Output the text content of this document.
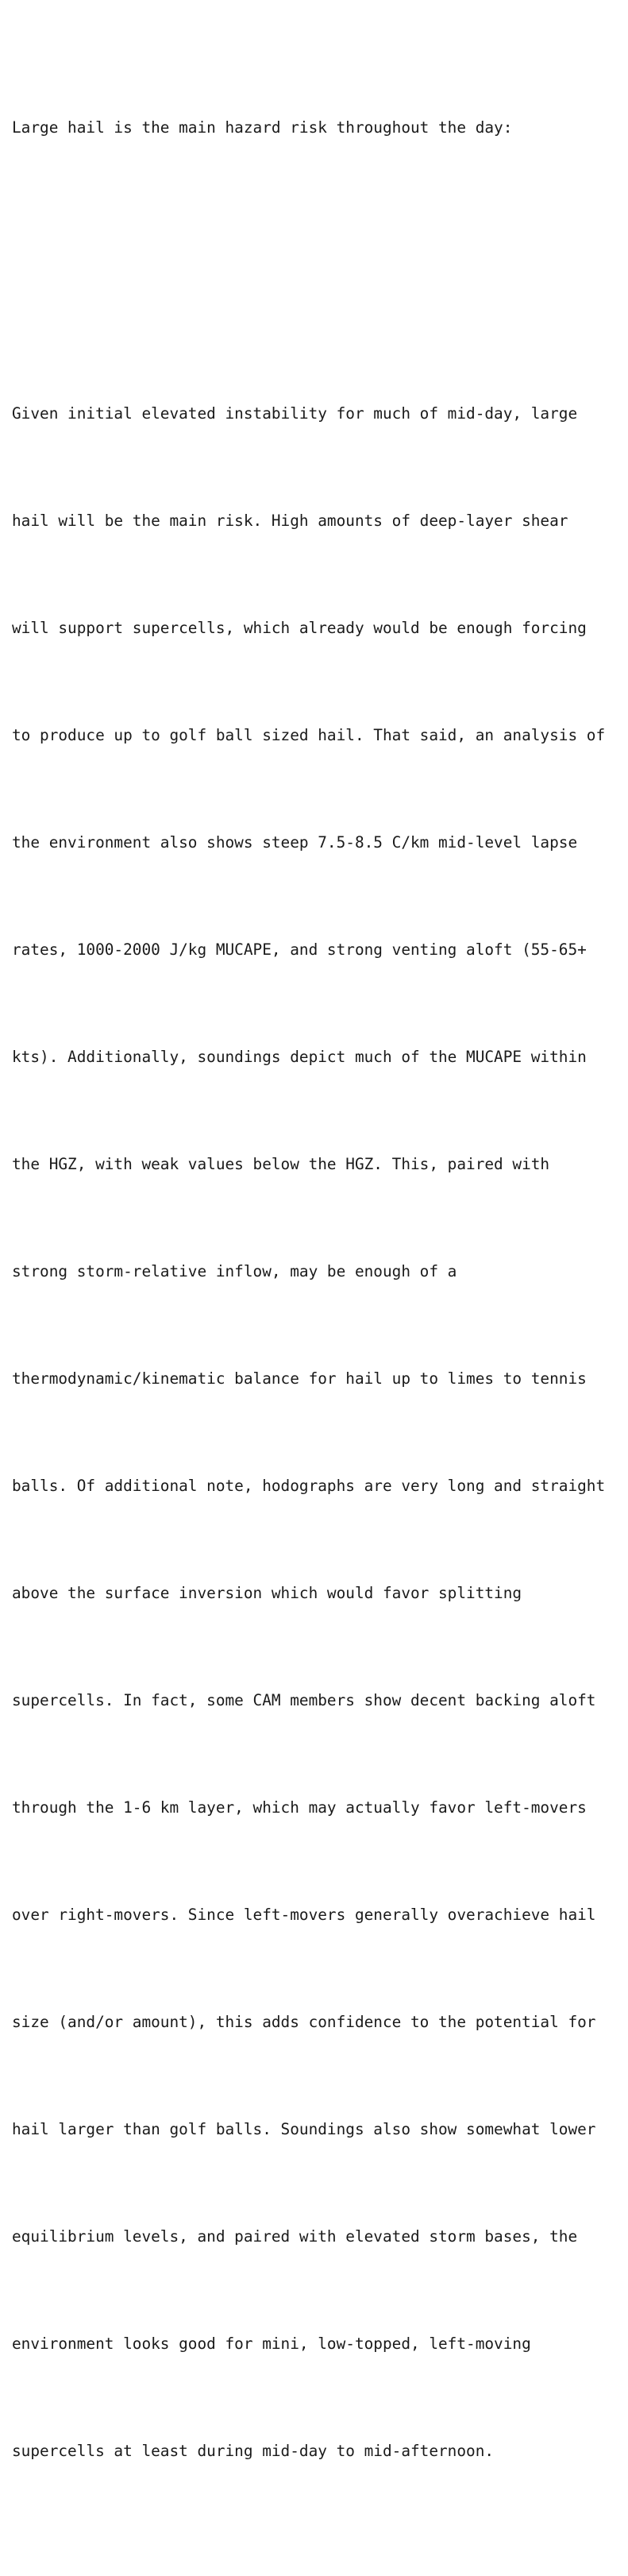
Large hail is the main hazard risk throughout the day:

Given initial elevated instability for much of mid-day, large

hail will be the main risk. High amounts of deep-layer shear

will support supercells, which already would be enough forcing

to produce up to golf ball sized hail. That said, an analysis of

the environment also shows steep 7.5-8.5 C/km mid-level lapse

rates, 1000-2000 J/kg MUCAPE, and strong venting aloft (55-65+

kts). Additionally, soundings depict much of the MUCAPE within

the HGZ, with weak values below the HGZ. This, paired with

strong storm-relative inflow, may be enough of a

thermodynamic/kinematic balance for hail up to limes to tennis

balls. Of additional note, hodographs are very long and straight

above the surface inversion which would favor splitting

supercells. In fact, some CAM members show decent backing aloft

through the 1-6 km layer, which may actually favor left-movers

over right-movers. Since left-movers generally overachieve hail

size (and/or amount), this adds confidence to the potential for

hail larger than golf balls. Soundings also show somewhat lower

equilibrium levels, and paired with elevated storm bases, the

environment looks good for mini, low-topped, left-moving

supercells at least during mid-day to mid-afternoon.
